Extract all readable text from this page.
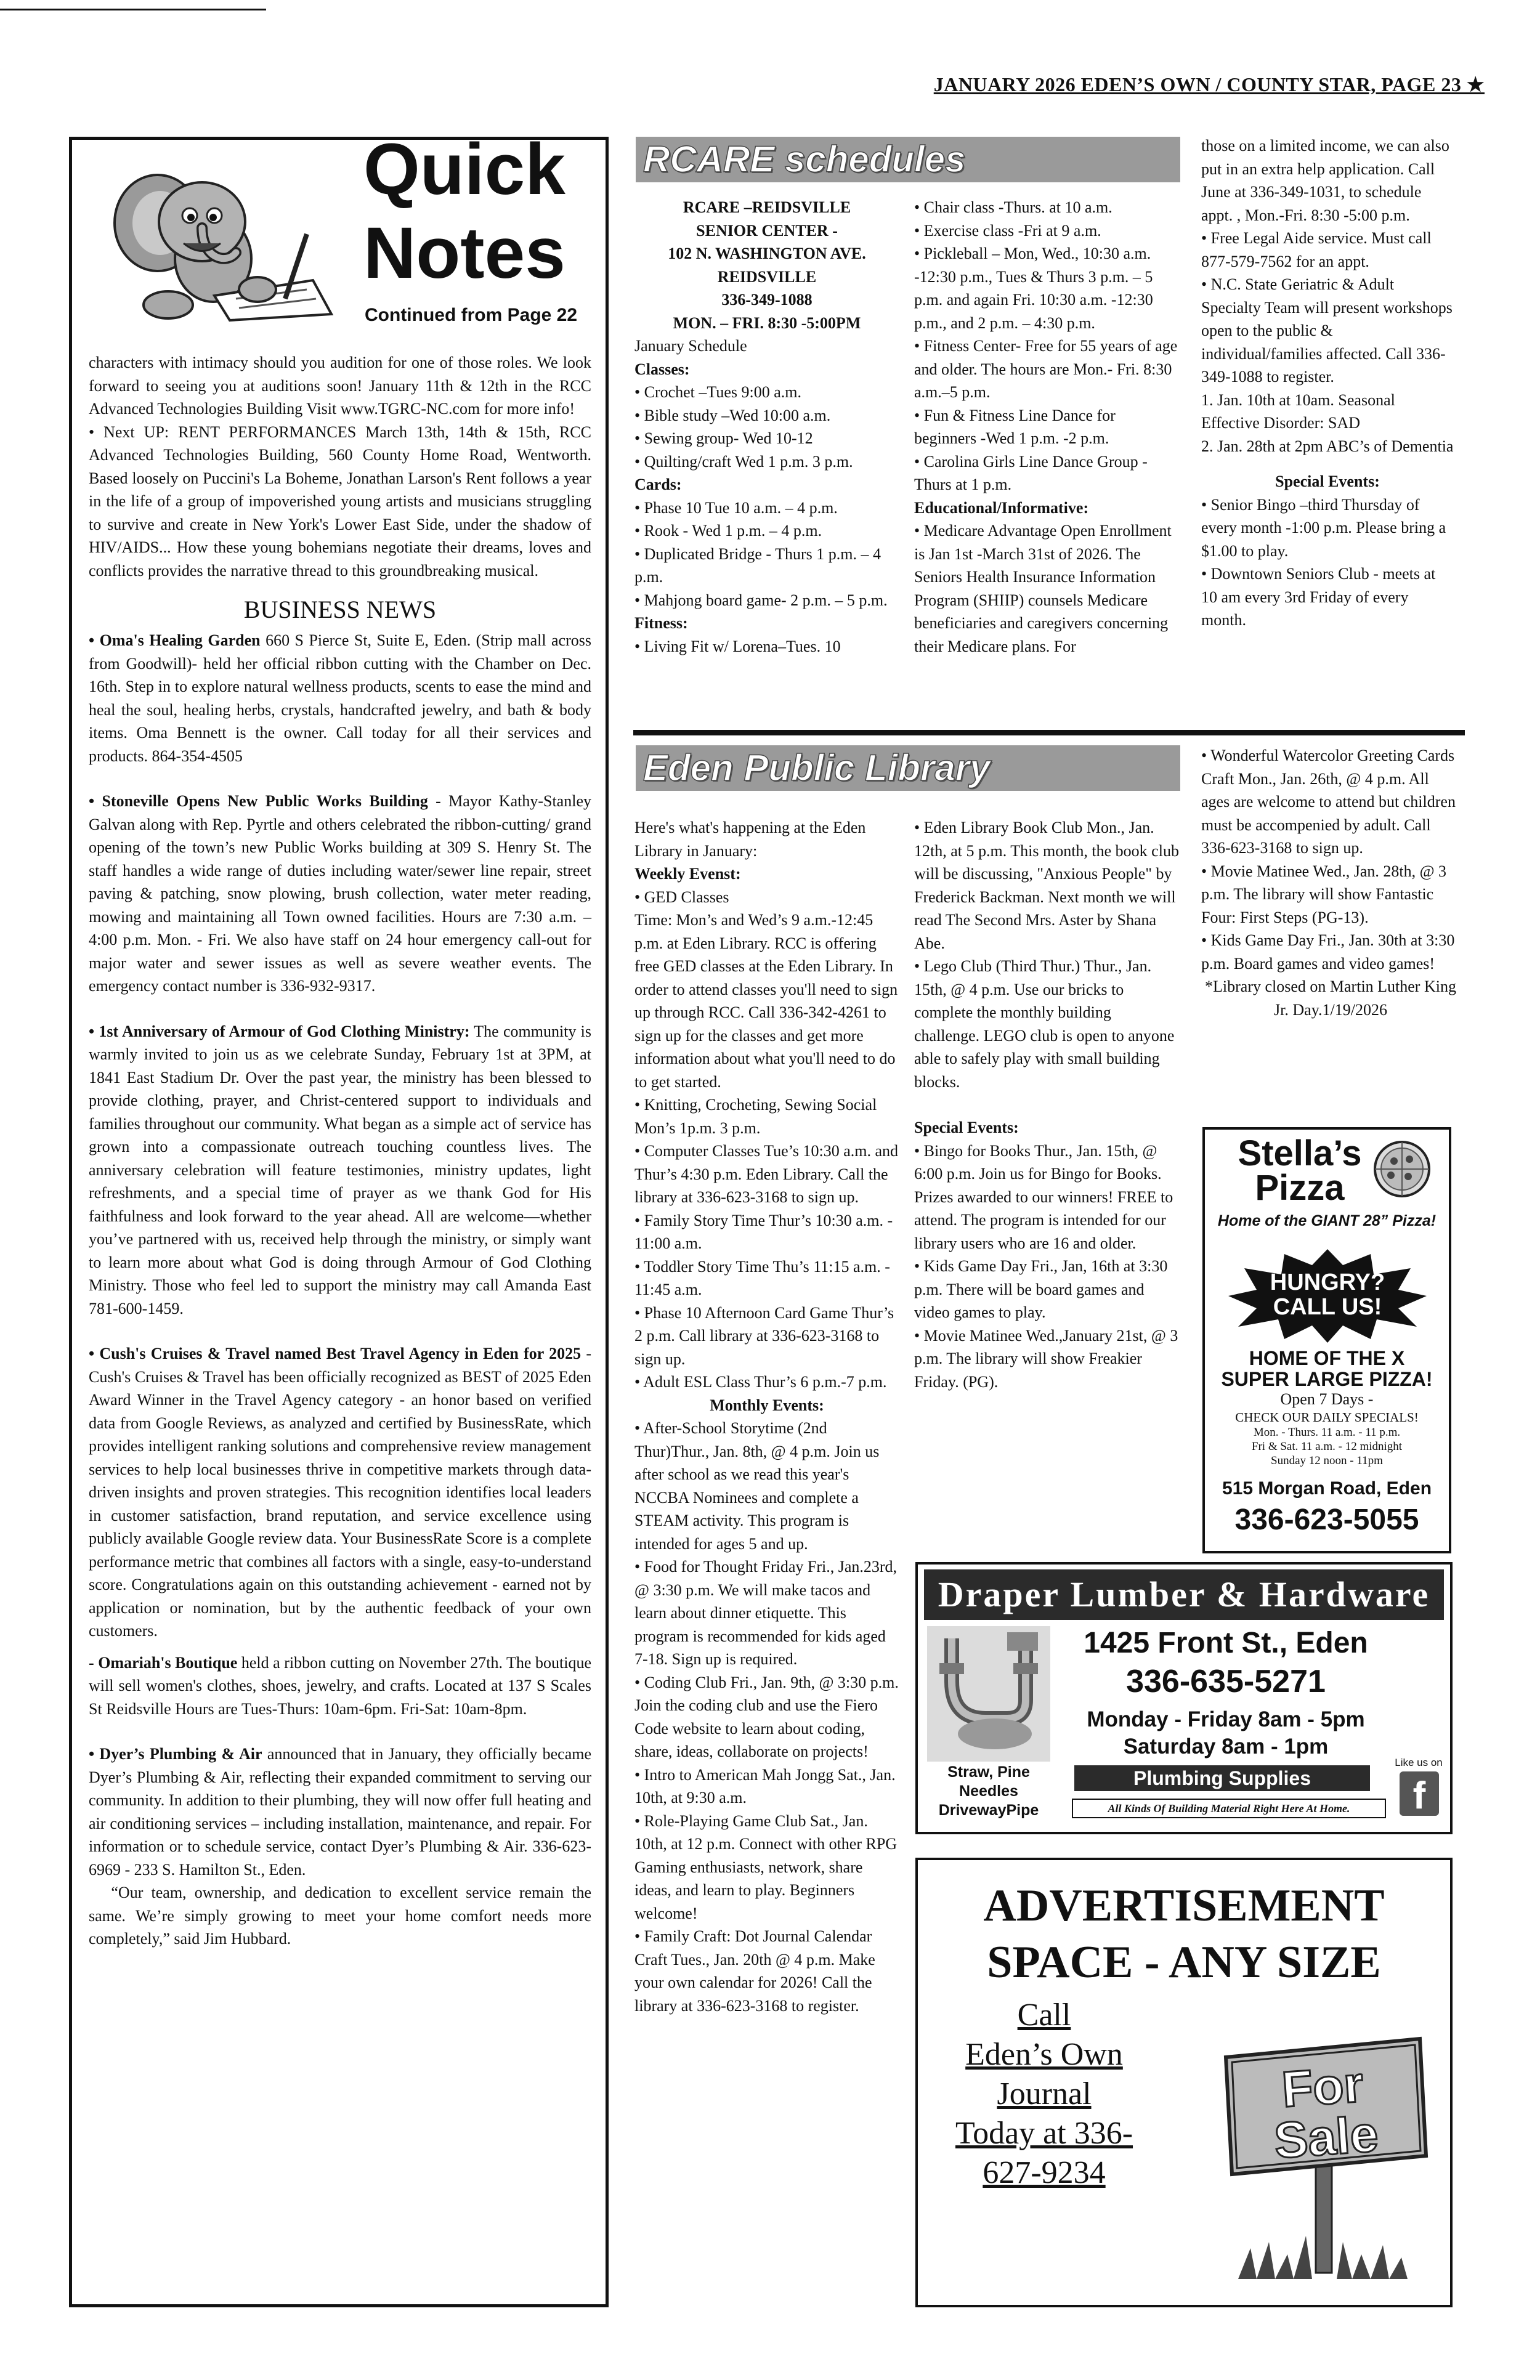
JANUARY 2026 EDEN’S OWN / COUNTY STAR, PAGE 23 ★
Quick
Notes
Continued from Page 22

characters with intimacy should you audition for one of those roles. We look forward to seeing you at auditions soon! January 11th & 12th in the RCC Advanced Technologies Building Visit www.TGRC-NC.com for more info!

• Next UP: RENT PERFORMANCES March 13th, 14th & 15th, RCC Advanced Technologies Building, 560 County Home Road, Wentworth. Based loosely on Puccini's La Boheme, Jonathan Larson's Rent follows a year in the life of a group of impoverished young artists and musicians struggling to survive and create in New York's Lower East Side, under the shadow of HIV/AIDS... How these young bohemians negotiate their dreams, loves and conflicts provides the narrative thread to this groundbreaking musical.

BUSINESS NEWS

• Oma's Healing Garden 660 S Pierce St, Suite E, Eden. (Strip mall across from Goodwill)- held her official ribbon cutting with the Chamber on Dec. 16th. Step in to explore natural wellness products, scents to ease the mind and heal the soul, healing herbs, crystals, handcrafted jewelry, and bath & body items. Oma Bennett is the owner. Call today for all their services and products. 864-354-4505

• Stoneville Opens New Public Works Building - Mayor Kathy-Stanley Galvan along with Rep. Pyrtle and others celebrated the ribbon-cutting/ grand opening of the town’s new Public Works building at 309 S. Henry St. The staff handles a wide range of duties including water/sewer line repair, street paving & patching, snow plowing, brush collection, water meter reading, mowing and maintaining all Town owned facilities. Hours are 7:30 a.m. – 4:00 p.m. Mon. - Fri. We also have staff on 24 hour emergency call-out for major water and sewer issues as well as severe weather events. The emergency contact number is 336-932-9317.

• 1st Anniversary of Armour of God Clothing Ministry: The community is warmly invited to join us as we celebrate Sunday, February 1st at 3PM, at 1841 East Stadium Dr. Over the past year, the ministry has been blessed to provide clothing, prayer, and Christ-centered support to individuals and families throughout our community. What began as a simple act of service has grown into a compassionate outreach touching countless lives. The anniversary celebration will feature testimonies, ministry updates, light refreshments, and a special time of prayer as we thank God for His faithfulness and look forward to the year ahead. All are welcome—whether you’ve partnered with us, received help through the ministry, or simply want to learn more about what God is doing through Armour of God Clothing Ministry. Those who feel led to support the ministry may call Amanda East 781-600-1459.

• Cush's Cruises & Travel named Best Travel Agency in Eden for 2025 - Cush's Cruises & Travel has been officially recognized as BEST of 2025 Eden Award Winner in the Travel Agency category - an honor based on verified data from Google Reviews, as analyzed and certified by BusinessRate, which provides intelligent ranking solutions and comprehensive review management services to help local businesses thrive in competitive markets through data-driven insights and proven strategies. This recognition identifies local leaders in customer satisfaction, brand reputation, and service excellence using publicly available Google review data. Your BusinessRate Score is a complete performance metric that combines all factors with a single, easy-to-understand score. Congratulations again on this outstanding achievement - earned not by application or nomination, but by the authentic feedback of your own customers.

- Omariah's Boutique held a ribbon cutting on November 27th. The boutique will sell women's clothes, shoes, jewelry, and crafts. Located at 137 S Scales St Reidsville Hours are Tues-Thurs: 10am-6pm. Fri-Sat: 10am-8pm.

• Dyer’s Plumbing & Air announced that in January, they officially became Dyer’s Plumbing & Air, reflecting their expanded commitment to serving our community. In addition to their plumbing, they will now offer full heating and air conditioning services – including installation, maintenance, and repair. For information or to schedule service, contact Dyer’s Plumbing & Air. 336-623-6969 - 233 S. Hamilton St., Eden.

“Our team, ownership, and dedication to excellent service remain the same. We’re simply growing to meet your home comfort needs more completely,” said Jim Hubbard.

RCARE schedules
RCARE –REIDSVILLE
SENIOR CENTER -
102 N. WASHINGTON AVE.
REIDSVILLE
336-349-1088
MON. – FRI. 8:30 -5:00PM

January Schedule

Classes:

• Crochet –Tues 9:00 a.m.

• Bible study –Wed 10:00 a.m.

• Sewing group- Wed 10-12

• Quilting/craft Wed 1 p.m. 3 p.m.

Cards:

• Phase 10 Tue 10 a.m. – 4 p.m.

• Rook - Wed 1 p.m. – 4 p.m.

• Duplicated Bridge - Thurs 1 p.m. – 4 p.m.

• Mahjong board game- 2 p.m. – 5 p.m.

Fitness:

• Living Fit w/ Lorena–Tues. 10

• Chair class -Thurs. at 10 a.m.

• Exercise class -Fri at 9 a.m.

• Pickleball – Mon, Wed., 10:30 a.m. -12:30 p.m., Tues & Thurs 3 p.m. – 5 p.m. and again Fri. 10:30 a.m. -12:30 p.m., and 2 p.m. – 4:30 p.m.

• Fitness Center- Free for 55 years of age and older. The hours are Mon.- Fri. 8:30 a.m.–5 p.m.

• Fun & Fitness Line Dance for beginners -Wed 1 p.m. -2 p.m.

• Carolina Girls Line Dance Group -Thurs at 1 p.m.

Educational/Informative:

• Medicare Advantage Open Enrollment is Jan 1st -March 31st of 2026. The Seniors Health Insurance Information Program (SHIIP) counsels Medicare beneficiaries and caregivers concerning their Medicare plans. For

those on a limited income, we can also put in an extra help application. Call June at 336-349-1031, to schedule appt. , Mon.-Fri. 8:30 -5:00 p.m.

• Free Legal Aide service. Must call 877-579-7562 for an appt.

• N.C. State Geriatric & Adult Specialty Team will present workshops open to the public & individual/families affected. Call 336-349-1088 to register.

1. Jan. 10th at 10am. Seasonal Effective Disorder: SAD

2. Jan. 28th at 2pm ABC’s of Dementia

Special Events:

• Senior Bingo –third Thursday of every month -1:00 p.m. Please bring a $1.00 to play.

• Downtown Seniors Club - meets at 10 am every 3rd Friday of every month.

Eden Public Library

Here's what's happening at the Eden Library in January:

Weekly Evenst:

• GED Classes

Time: Mon’s and Wed’s 9 a.m.-12:45 p.m. at Eden Library. RCC is offering free GED classes at the Eden Library. In order to attend classes you'll need to sign up through RCC. Call 336-342-4261 to sign up for the classes and get more information about what you'll need to do to get started.

• Knitting, Crocheting, Sewing Social Mon’s 1p.m. 3 p.m.

• Computer Classes Tue’s 10:30 a.m. and Thur’s 4:30 p.m. Eden Library. Call the library at 336-623-3168 to sign up.

• Family Story Time Thur’s 10:30 a.m. - 11:00 a.m.

• Toddler Story Time Thu’s 11:15 a.m. - 11:45 a.m.

• Phase 10 Afternoon Card Game Thur’s 2 p.m. Call library at 336-623-3168 to sign up.

• Adult ESL Class Thur’s 6 p.m.-7 p.m.

Monthly Events:

• After-School Storytime (2nd Thur)Thur., Jan. 8th, @ 4 p.m. Join us after school as we read this year's NCCBA Nominees and complete a STEAM activity. This program is intended for ages 5 and up.

• Food for Thought Friday Fri., Jan.23rd, @ 3:30 p.m. We will make tacos and learn about dinner etiquette. This program is recommended for kids aged 7-18. Sign up is required.

• Coding Club Fri., Jan. 9th, @ 3:30 p.m. Join the coding club and use the Fiero Code website to learn about coding, share, ideas, collaborate on projects!

• Intro to American Mah Jongg Sat., Jan. 10th, at 9:30 a.m.

• Role-Playing Game Club Sat., Jan. 10th, at 12 p.m. Connect with other RPG Gaming enthusiasts, network, share ideas, and learn to play. Beginners welcome!

• Family Craft: Dot Journal Calendar Craft Tues., Jan. 20th @ 4 p.m. Make your own calendar for 2026! Call the library at 336-623-3168 to register.

• Eden Library Book Club Mon., Jan. 12th, at 5 p.m. This month, the book club will be discussing, "Anxious People" by Frederick Backman. Next month we will read The Second Mrs. Aster by Shana Abe.

• Lego Club (Third Thur.) Thur., Jan. 15th, @ 4 p.m. Use our bricks to complete the monthly building challenge. LEGO club is open to anyone able to safely play with small building blocks.

Special Events:

• Bingo for Books Thur., Jan. 15th, @ 6:00 p.m. Join us for Bingo for Books. Prizes awarded to our winners! FREE to attend. The program is intended for our library users who are 16 and older.

• Kids Game Day Fri., Jan, 16th at 3:30 p.m. There will be board games and video games to play.

• Movie Matinee Wed.,January 21st, @ 3 p.m. The library will show Freakier Friday. (PG).

• Wonderful Watercolor Greeting Cards Craft Mon., Jan. 26th, @ 4 p.m. All ages are welcome to attend but children must be accompenied by adult. Call 336-623-3168 to sign up.

• Movie Matinee Wed., Jan. 28th, @ 3 p.m. The library will show Fantastic Four: First Steps (PG-13).

• Kids Game Day Fri., Jan. 30th at 3:30 p.m. Board games and video games!

*Library closed on Martin Luther King Jr. Day.1/19/2026

Stella’s
Pizza
Home of the GIANT 28” Pizza!
HUNGRY?
CALL US!
HOME OF THE X
SUPER LARGE PIZZA!
Open 7 Days -
CHECK OUR DAILY SPECIALS!
Mon. - Thurs. 11 a.m. - 11 p.m.
Fri & Sat. 11 a.m. - 12 midnight
Sunday 12 noon - 11pm
515 Morgan Road, Eden
336-623-5055
Draper Lumber & Hardware
Straw, Pine
Needles
DrivewayPipe
1425 Front St., Eden
336-635-5271
Monday - Friday 8am - 5pm
Saturday 8am - 1pm
Plumbing Supplies
Like us on
f
All Kinds Of Building Material Right Here At Home.
ADVERTISEMENT
SPACE - ANY SIZE
Call
Eden’s Own
Journal
Today at 336-
627-9234
For
Sale
